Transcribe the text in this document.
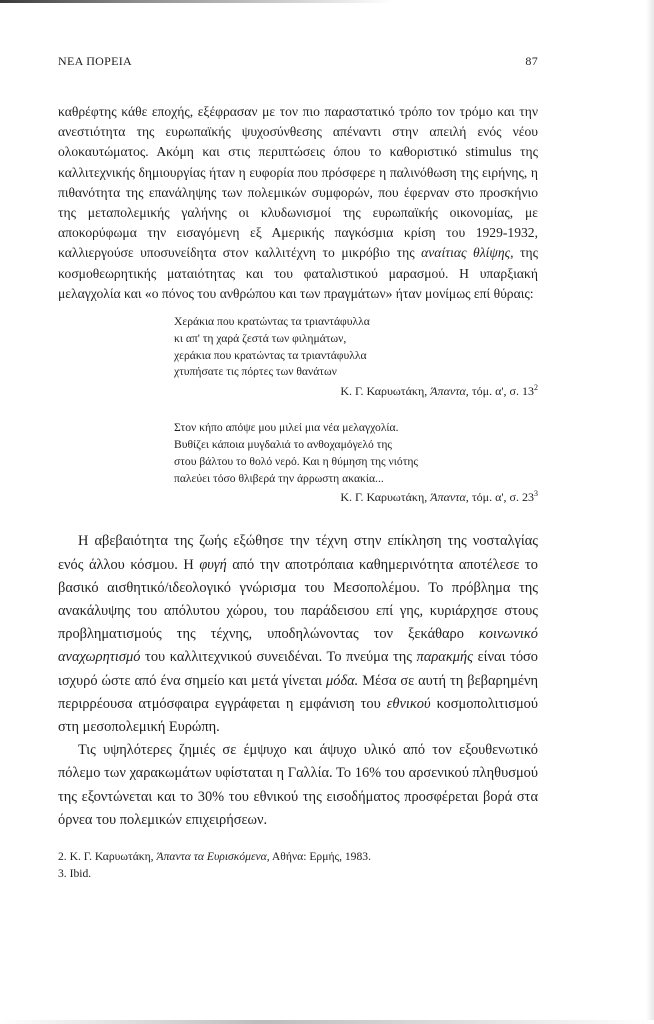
ΝΕΑ ΠΟΡΕΙΑ	87

καθρέφτης κάθε εποχής, εξέφρασαν με τον πιο παραστατικό τρόπο τον τρόμο και την ανεστιότητα της ευρωπαϊκής ψυχοσύνθεσης απέναντι στην απειλή ενός νέου ολοκαυτώματος. Ακόμη και στις περιπτώσεις όπου το καθοριστικό stimulus της καλλιτεχνικής δημιουργίας ήταν η ευφορία που πρόσφερε η παλινόθωση της ειρήνης, η πιθανότητα της επανάληψης των πολεμικών συμφορών, που έφερναν στο προσκήνιο της μεταπολεμικής γαλήνης οι κλυδωνισμοί της ευρωπαϊκής οικονομίας, με αποκορύφωμα την εισαγόμενη εξ Αμερικής παγκόσμια κρίση του 1929-1932, καλλιεργούσε υποσυνείδητα στον καλλιτέχνη το μικρόβιο της αναίτιας θλίψης, της κοσμοθεωρητικής ματαιότητας και του φαταλιστικού μαρασμού. Η υπαρξιακή μελαγχολία και «ο πόνος του ανθρώπου και των πραγμάτων» ήταν μονίμως επί θύραις:

Χεράκια που κρατώντας τα τριαντάφυλλα
κι απ' τη χαρά ζεστά των φιλημάτων,
χεράκια που κρατώντας τα τριαντάφυλλα
χτυπήσατε τις πόρτες των θανάτων
Κ. Γ. Καρυωτάκη, Άπαντα, τόμ. α', σ. $13^2$
Στον κήπο απόψε μου μιλεί μια νέα μελαγχολία.
Βυθίζει κάποια μυγδαλιά το ανθοχαμόγελό της
στου βάλτου το θολό νερό. Και η θύμηση της νιότης
παλεύει τόσο θλιβερά την άρρωστη ακακία...
Κ. Γ. Καρυωτάκη, Άπαντα, τόμ. α', σ. $23^3$

Η αβεβαιότητα της ζωής εξώθησε την τέχνη στην επίκληση της νοσταλγίας ενός άλλου κόσμου. Η φυγή από την αποτρόπαια καθημερινότητα αποτέλεσε το βασικό αισθητικό/ιδεολογικό γνώρισμα του Μεσοπολέμου. Το πρόβλημα της ανακάλυψης του απόλυτου χώρου, του παράδεισου επί γης, κυριάρχησε στους προβληματισμούς της τέχνης, υποδηλώνοντας τον ξεκάθαρο κοινωνικό αναχωρητισμό του καλλιτεχνικού συνειδέναι. Το πνεύμα της παρακμής είναι τόσο ισχυρό ώστε από ένα σημείο και μετά γίνεται μόδα. Μέσα σε αυτή τη βεβαρημένη περιρρέουσα ατμόσφαιρα εγγράφεται η εμφάνιση του εθνικού κοσμοπολιτισμού στη μεσοπολεμική Ευρώπη.

Τις υψηλότερες ζημιές σε έμψυχο και άψυχο υλικό από τον εξουθενωτικό πόλεμο των χαρακωμάτων υφίσταται η Γαλλία. Το 16% του αρσενικού πληθυσμού της εξοντώνεται και το 30% του εθνικού της εισοδήματος προσφέρεται βορά στα όρνεα του πολεμικών επιχειρήσεων.

2. Κ. Γ. Καρυωτάκη, Άπαντα τα Ευρισκόμενα, Αθήνα: Ερμής, 1983.
3. Ibid.
